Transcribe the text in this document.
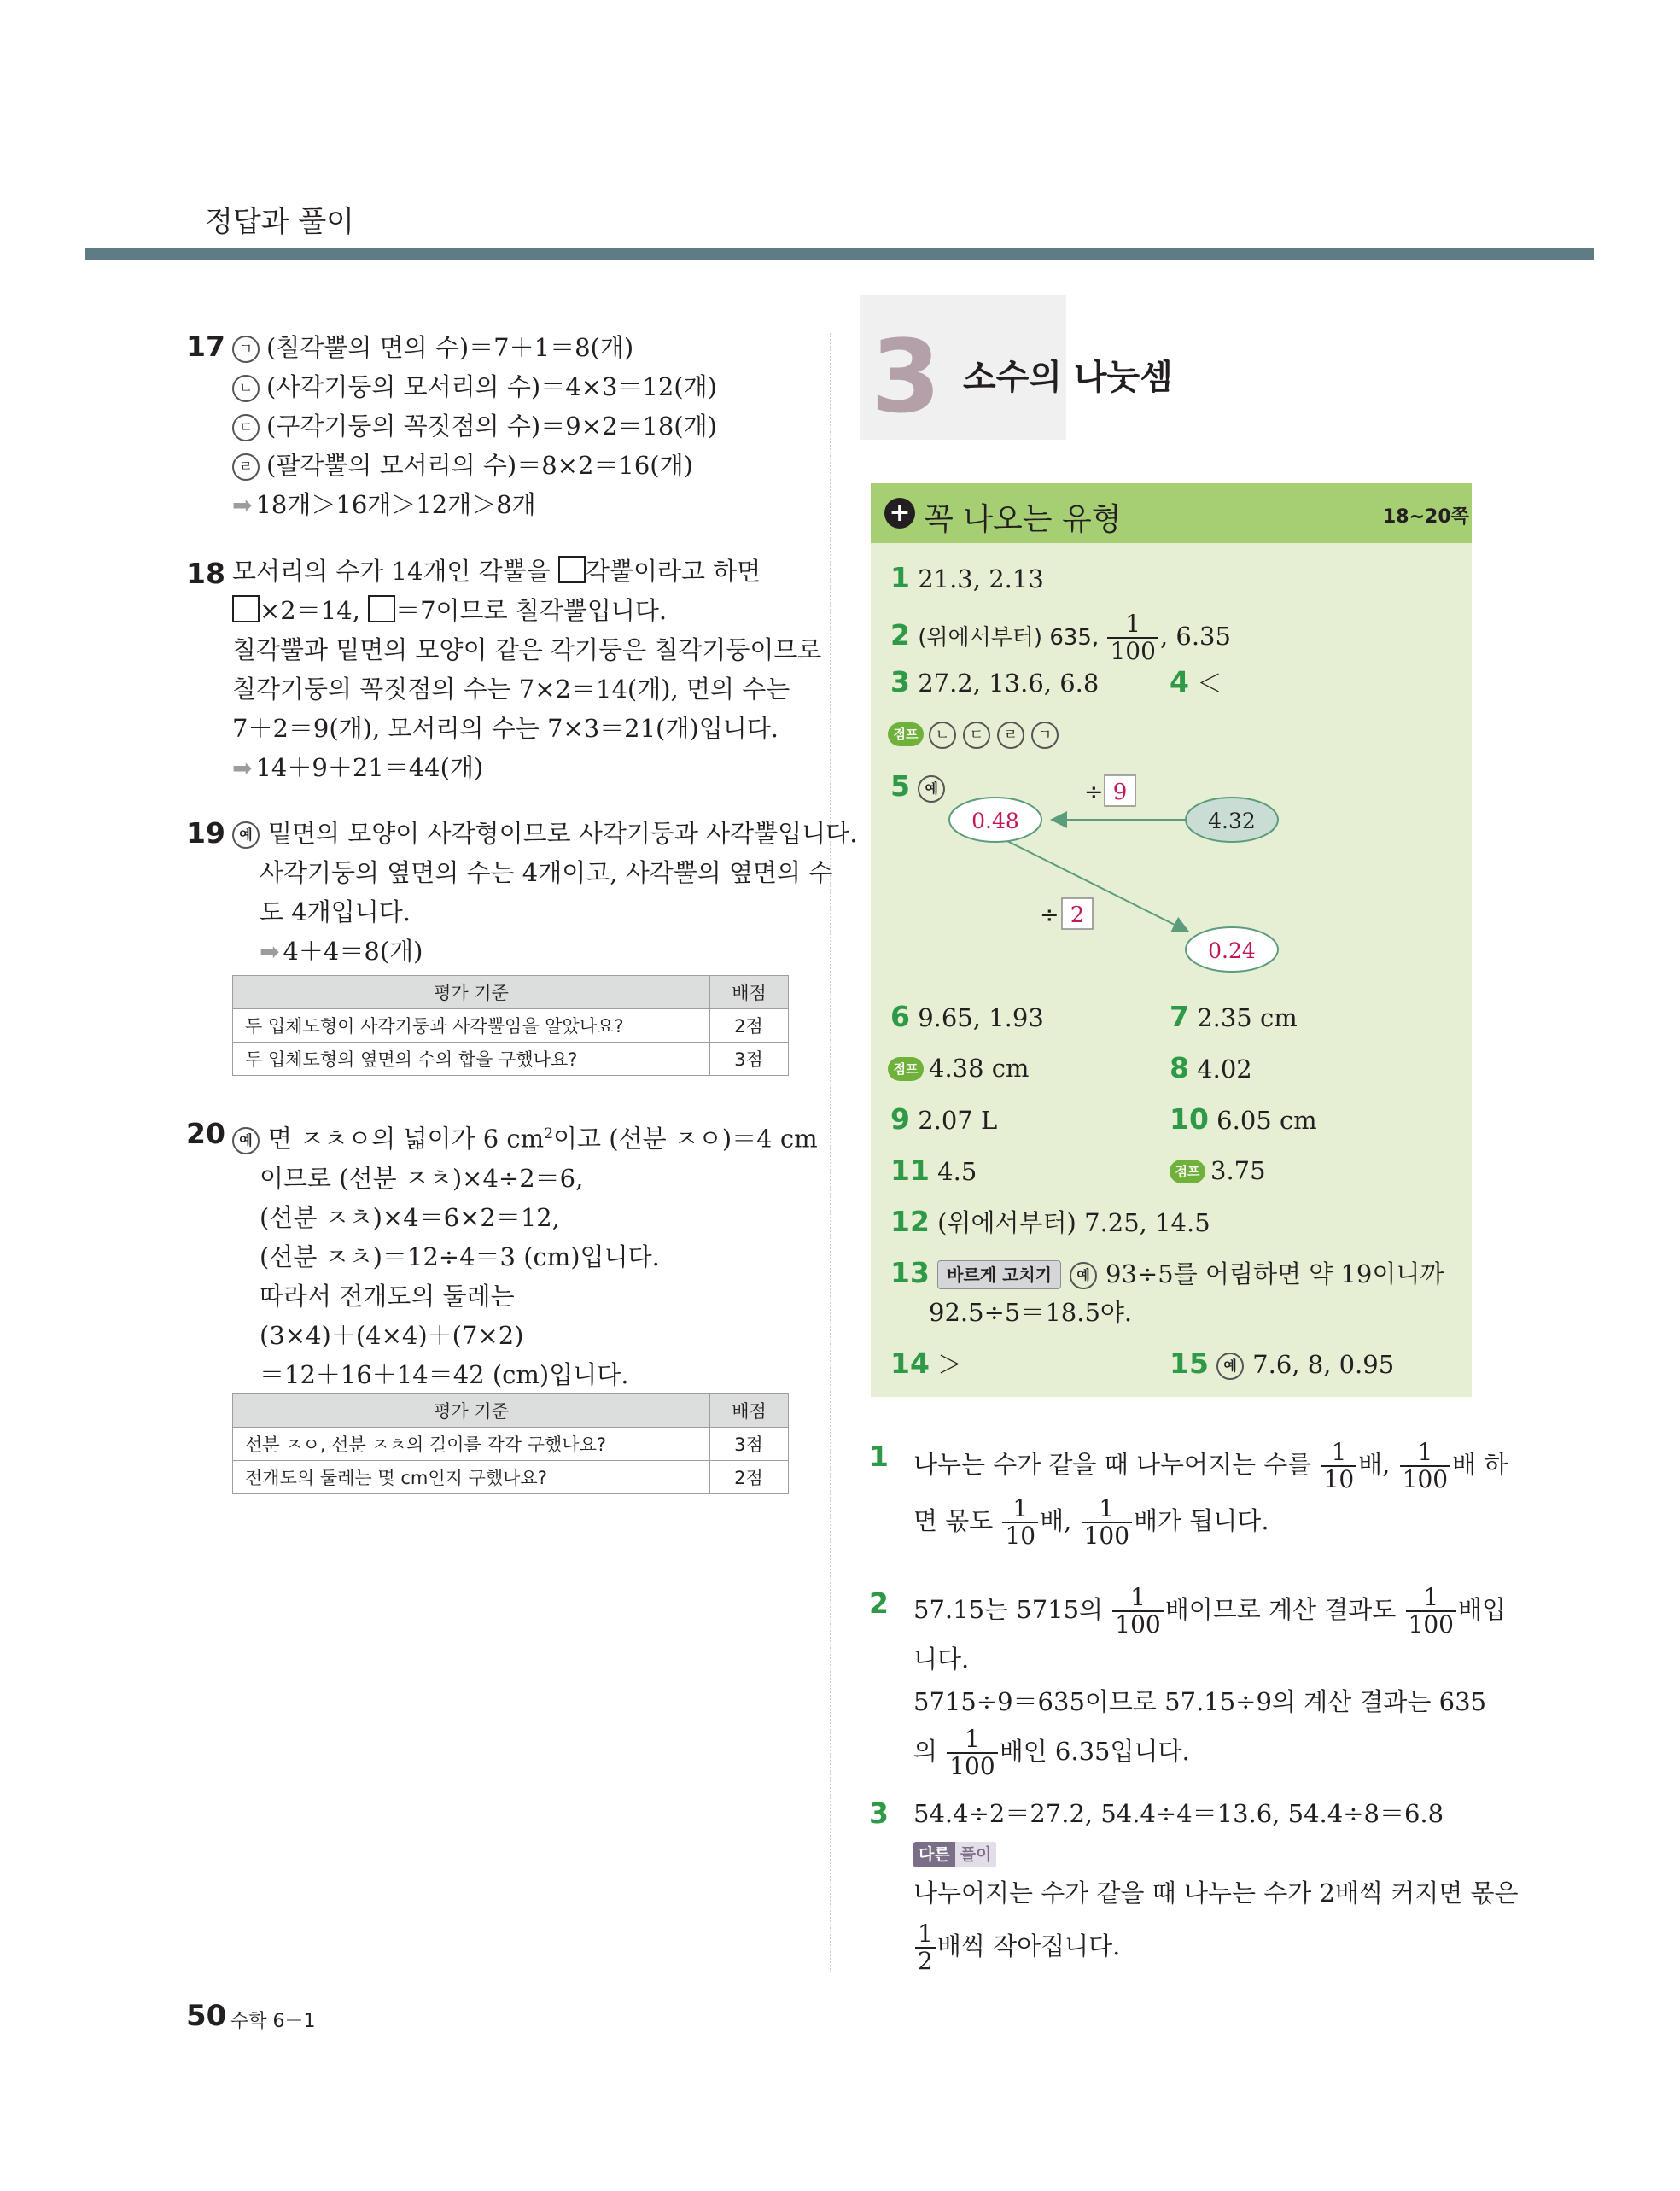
정답과 풀이
17 ㄱ (칠각뿔의 면의 수)＝7＋1＝8(개)
ㄴ (사각기둥의 모서리의 수)＝4×3＝12(개)
ㄷ (구각기둥의 꼭짓점의 수)＝9×2＝18(개)
ㄹ (팔각뿔의 모서리의 수)＝8×2＝16(개)
➡ 18개＞16개＞12개＞8개
18 모서리의 수가 14개인 각뿔을 각뿔이라고 하면
×2＝14, ＝7이므로 칠각뿔입니다.
칠각뿔과 밑면의 모양이 같은 각기둥은 칠각기둥이므로
칠각기둥의 꼭짓점의 수는 7×2＝14(개), 면의 수는
7＋2＝9(개), 모서리의 수는 7×3＝21(개)입니다.
➡ 14＋9＋21＝44(개)
19	예 밑면의 모양이 사각형이므로 사각기둥과 사각뿔입니다.
사각기둥의 옆면의 수는 4개이고, 사각뿔의 옆면의 수
도 4개입니다.
➡ 4＋4＝8(개)
평가 기준	배점
두 입체도형이 사각기둥과 사각뿔임을 알았나요?	2점
두 입체도형의 옆면의 수의 합을 구했나요?	3점
20	예 면 ㅈㅊㅇ의 넓이가 6 $cm^2$이고 (선분 ㅈㅇ)＝4 cm
이므로 (선분 ㅈㅊ)×4÷2＝6,
(선분 ㅈㅊ)×4＝6×2＝12,
(선분 ㅈㅊ)＝12÷4＝3 (cm)입니다.
따라서 전개도의 둘레는
(3×4)＋(4×4)＋(7×2)
＝12＋16＋14＝42 (cm)입니다.
평가 기준	배점
선분 ㅈㅇ, 선분 ㅈㅊ의 길이를 각각 구했나요?	3점
전개도의 둘레는 몇 cm인지 구했나요?	2점
3 소수의 나눗셈
+ 꼭 나오는 유형	18~20쪽
1 21.3, 2.13
2 (위에서부터) 635, $\frac{1}{100}$ , 6.35
3 27.2, 13.6, 6.8	4 ＜
점프 ㄴ ㄷ ㄹ ㄱ
5 예
0.48	4.32
0.24
÷ 9
÷ 2
6 9.65, 1.93	7 2.35 cm
점프 4.38 cm	8 4.02
9 2.07 L	10 6.05 cm
11 4.5	점프 3.75
12 (위에서부터) 7.25, 14.5
13 바르게 고치기 예 93÷5를 어림하면 약 19이니까
92.5÷5＝18.5야.
14 ＞	15 예 7.6, 8, 0.95
1 나누는 수가 같을 때 나누어지는 수를 $\frac{1}{10}$ 배, $\frac{1}{100}$ 배 하
면 몫도 $\frac{1}{10}$ 배, $\frac{1}{100}$ 배가 됩니다.
2 57.15는 5715의 $\frac{1}{100}$ 배이므로 계산 결과도 $\frac{1}{100}$ 배입
니다.
5715÷9＝635이므로 57.15÷9의 계산 결과는 635
의 $\frac{1}{100}$ 배인 6.35입니다.
3 54.4÷2＝27.2, 54.4÷4＝13.6, 54.4÷8＝6.8
다른 풀이
나누어지는 수가 같을 때 나누는 수가 2배씩 커지면 몫은
$\frac{1}{2}$ 배씩 작아집니다.
50 수학 6－1
